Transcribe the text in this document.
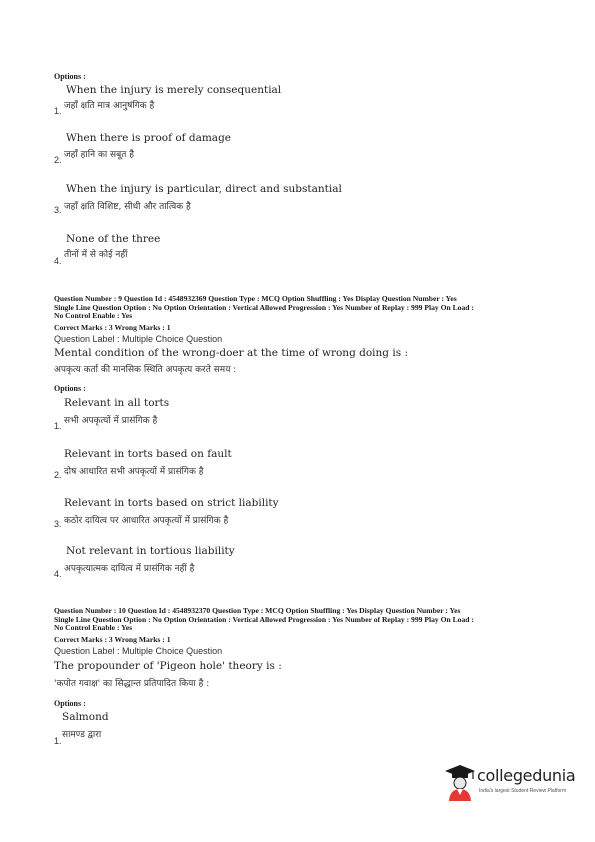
Options :
When the injury is merely consequential
1. जहाँ क्षति मात्र आनुषंगिक है
When there is proof of damage
2. जहाँ हानि का सबूत है
When the injury is particular, direct and substantial
3. जहाँ क्षति विशिष्ट, सीधी और तात्विक है
None of the three
4.
तीनों में से कोई नहीं
Question Number : 9 Question Id : 4548932369 Question Type : MCQ Option Shuffling : Yes Display Question Number : Yes
Single Line Question Option : No Option Orientation : Vertical Allowed Progression : Yes Number of Replay : 999 Play On Load :
No Control Enable : Yes
Correct Marks : 3 Wrong Marks : 1
Question Label : Multiple Choice Question
Mental condition of the wrong-doer at the time of wrong doing is :
अपकृत्य कर्ता की मानसिक स्थिति अपकृत्य करते समय :
Options :
Relevant in all torts
1. सभी अपकृत्यों में प्रासंगिक है
Relevant in torts based on fault
2. दोष आधारित सभी अपकृत्यों में प्रासंगिक है
Relevant in torts based on strict liability
3. कठोर दायित्व पर आधारित अपकृत्यों में प्रासंगिक है
Not relevant in tortious liability
4. अपकृत्यात्मक दायित्व में प्रासंगिक नहीं है
Question Number : 10 Question Id : 4548932370 Question Type : MCQ Option Shuffling : Yes Display Question Number : Yes
Single Line Question Option : No Option Orientation : Vertical Allowed Progression : Yes Number of Replay : 999 Play On Load :
No Control Enable : Yes
Correct Marks : 3 Wrong Marks : 1
Question Label : Multiple Choice Question
The propounder of 'Pigeon hole' theory is :
'कपोत गवाक्ष' का सिद्धान्त प्रतिपादित किया है :
Options :
Salmond
1.
सामण्ड द्वारा
collegedunia
India's largest Student Review Platform
